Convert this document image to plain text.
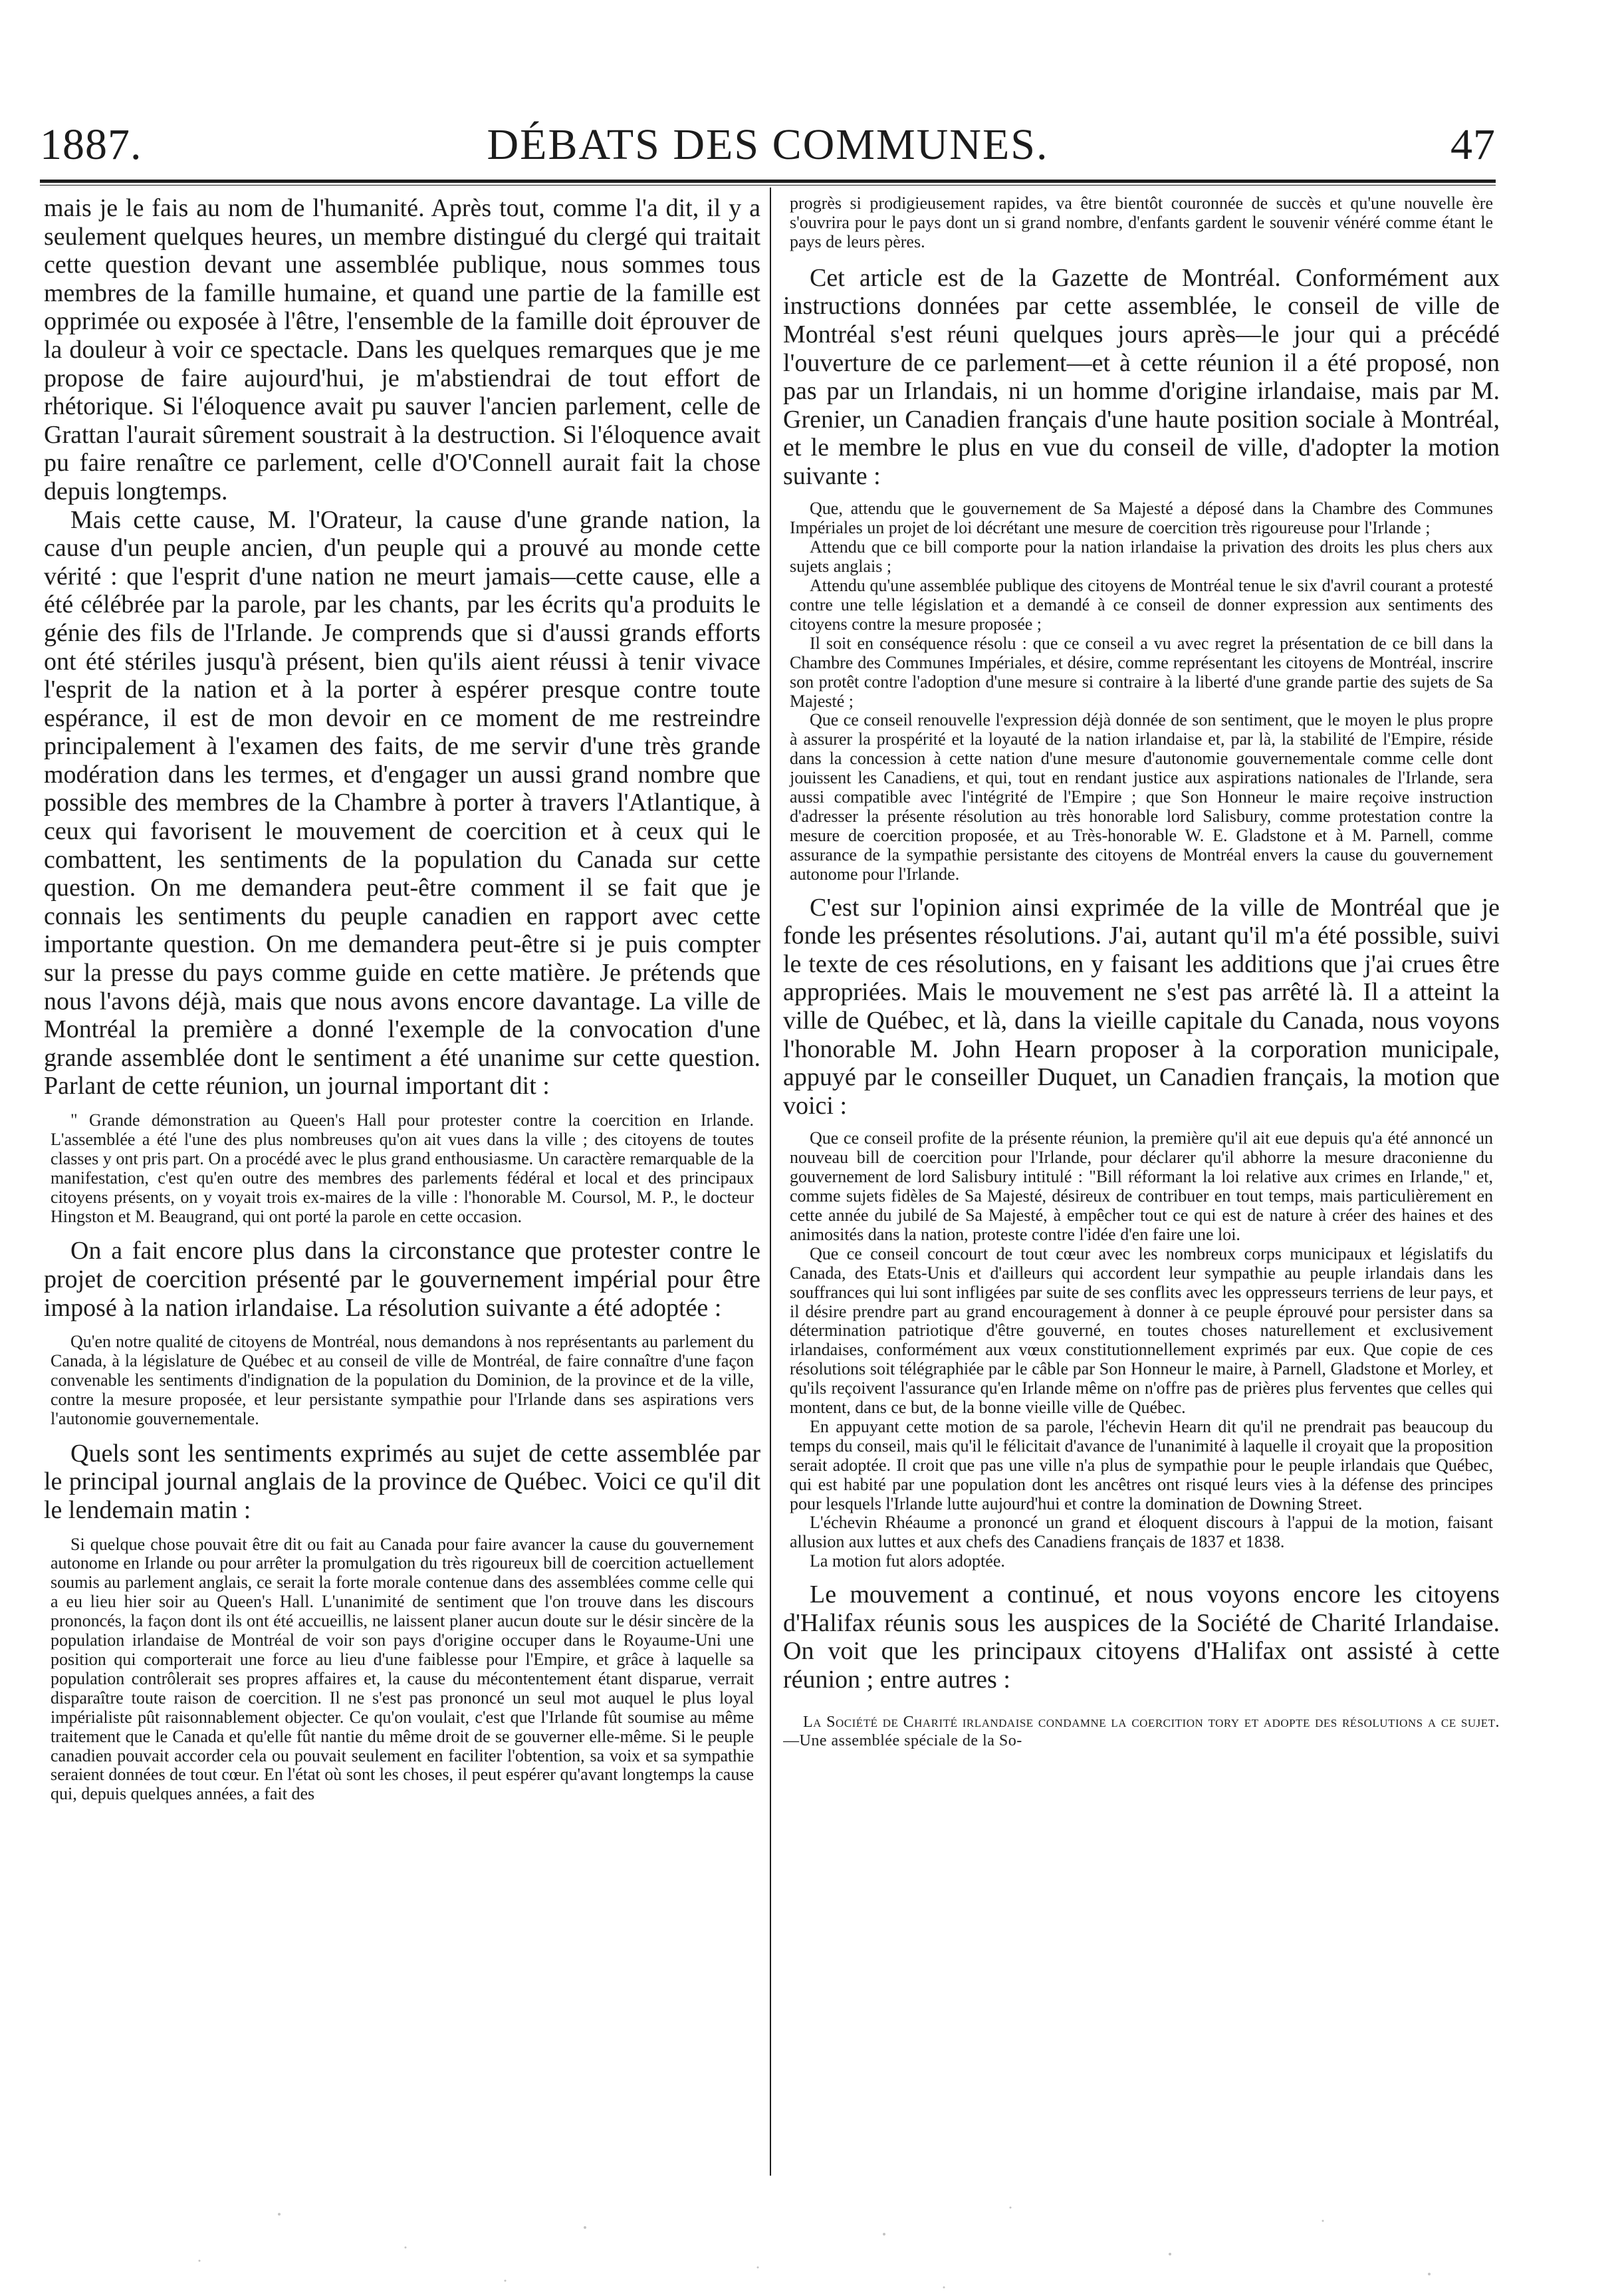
1887.	DÉBATS DES COMMUNES.	47

mais je le fais au nom de l'humanité. Après tout, comme l'a dit, il y a seulement quelques heures, un membre distingué du clergé qui traitait cette question devant une assemblée publique, nous sommes tous membres de la famille humaine, et quand une partie de la famille est opprimée ou exposée à l'être, l'ensemble de la famille doit éprouver de la douleur à voir ce spectacle. Dans les quelques remarques que je me propose de faire aujourd'hui, je m'abstiendrai de tout effort de rhétorique. Si l'éloquence avait pu sauver l'ancien parlement, celle de Grattan l'aurait sûrement soustrait à la destruction. Si l'éloquence avait pu faire renaître ce parlement, celle d'O'Connell aurait fait la chose depuis longtemps.

Mais cette cause, M. l'Orateur, la cause d'une grande nation, la cause d'un peuple ancien, d'un peuple qui a prouvé au monde cette vérité : que l'esprit d'une nation ne meurt jamais—cette cause, elle a été célébrée par la parole, par les chants, par les écrits qu'a produits le génie des fils de l'Irlande. Je comprends que si d'aussi grands efforts ont été stériles jusqu'à présent, bien qu'ils aient réussi à tenir vivace l'esprit de la nation et à la porter à espérer presque contre toute espérance, il est de mon devoir en ce moment de me restreindre principalement à l'examen des faits, de me servir d'une très grande modération dans les termes, et d'engager un aussi grand nombre que possible des membres de la Chambre à porter à travers l'Atlantique, à ceux qui favorisent le mouvement de coercition et à ceux qui le combattent, les sentiments de la population du Canada sur cette question. On me demandera peut-être comment il se fait que je connais les sentiments du peuple canadien en rapport avec cette importante question. On me demandera peut-être si je puis compter sur la presse du pays comme guide en cette matière. Je prétends que nous l'avons déjà, mais que nous avons encore davantage. La ville de Montréal la première a donné l'exemple de la convocation d'une grande assemblée dont le sentiment a été unanime sur cette question. Parlant de cette réunion, un journal important dit :

" Grande démonstration au Queen's Hall pour protester contre la coercition en Irlande. L'assemblée a été l'une des plus nombreuses qu'on ait vues dans la ville ; des citoyens de toutes classes y ont pris part. On a procédé avec le plus grand enthousiasme. Un caractère remarquable de la manifestation, c'est qu'en outre des membres des parlements fédéral et local et des principaux citoyens présents, on y voyait trois ex-maires de la ville : l'honorable M. Coursol, M. P., le docteur Hingston et M. Beaugrand, qui ont porté la parole en cette occasion.

On a fait encore plus dans la circonstance que protester contre le projet de coercition présenté par le gouvernement impérial pour être imposé à la nation irlandaise. La résolution suivante a été adoptée :

Qu'en notre qualité de citoyens de Montréal, nous demandons à nos représentants au parlement du Canada, à la législature de Québec et au conseil de ville de Montréal, de faire connaître d'une façon convenable les sentiments d'indignation de la population du Dominion, de la province et de la ville, contre la mesure proposée, et leur persistante sympathie pour l'Irlande dans ses aspirations vers l'autonomie gouvernementale.

Quels sont les sentiments exprimés au sujet de cette assemblée par le principal journal anglais de la province de Québec. Voici ce qu'il dit le lendemain matin :

Si quelque chose pouvait être dit ou fait au Canada pour faire avancer la cause du gouvernement autonome en Irlande ou pour arrêter la promulgation du très rigoureux bill de coercition actuellement soumis au parlement anglais, ce serait la forte morale contenue dans des assemblées comme celle qui a eu lieu hier soir au Queen's Hall. L'unanimité de sentiment que l'on trouve dans les discours prononcés, la façon dont ils ont été accueillis, ne laissent planer aucun doute sur le désir sincère de la population irlandaise de Montréal de voir son pays d'origine occuper dans le Royaume-Uni une position qui comporterait une force au lieu d'une faiblesse pour l'Empire, et grâce à laquelle sa population contrôlerait ses propres affaires et, la cause du mécontentement étant disparue, verrait disparaître toute raison de coercition. Il ne s'est pas prononcé un seul mot auquel le plus loyal impérialiste pût raisonnablement objecter. Ce qu'on voulait, c'est que l'Irlande fût soumise au même traitement que le Canada et qu'elle fût nantie du même droit de se gouverner elle-même. Si le peuple canadien pouvait accorder cela ou pouvait seulement en faciliter l'obtention, sa voix et sa sympathie seraient données de tout cœur. En l'état où sont les choses, il peut espérer qu'avant longtemps la cause qui, depuis quelques années, a fait des

progrès si prodigieusement rapides, va être bientôt couronnée de succès et qu'une nouvelle ère s'ouvrira pour le pays dont un si grand nombre, d'enfants gardent le souvenir vénéré comme étant le pays de leurs pères.

Cet article est de la Gazette de Montréal. Conformément aux instructions données par cette assemblée, le conseil de ville de Montréal s'est réuni quelques jours après—le jour qui a précédé l'ouverture de ce parlement—et à cette réunion il a été proposé, non pas par un Irlandais, ni un homme d'origine irlandaise, mais par M. Grenier, un Canadien français d'une haute position sociale à Montréal, et le membre le plus en vue du conseil de ville, d'adopter la motion suivante :

Que, attendu que le gouvernement de Sa Majesté a déposé dans la Chambre des Communes Impériales un projet de loi décrétant une mesure de coercition très rigoureuse pour l'Irlande ;

Attendu que ce bill comporte pour la nation irlandaise la privation des droits les plus chers aux sujets anglais ;

Attendu qu'une assemblée publique des citoyens de Montréal tenue le six d'avril courant a protesté contre une telle législation et a demandé à ce conseil de donner expression aux sentiments des citoyens contre la mesure proposée ;

Il soit en conséquence résolu : que ce conseil a vu avec regret la présentation de ce bill dans la Chambre des Communes Impériales, et désire, comme représentant les citoyens de Montréal, inscrire son protêt contre l'adoption d'une mesure si contraire à la liberté d'une grande partie des sujets de Sa Majesté ;

Que ce conseil renouvelle l'expression déjà donnée de son sentiment, que le moyen le plus propre à assurer la prospérité et la loyauté de la nation irlandaise et, par là, la stabilité de l'Empire, réside dans la concession à cette nation d'une mesure d'autonomie gouvernementale comme celle dont jouissent les Canadiens, et qui, tout en rendant justice aux aspirations nationales de l'Irlande, sera aussi compatible avec l'intégrité de l'Empire ; que Son Honneur le maire reçoive instruction d'adresser la présente résolution au très honorable lord Salisbury, comme protestation contre la mesure de coercition proposée, et au Très-honorable W. E. Gladstone et à M. Parnell, comme assurance de la sympathie persistante des citoyens de Montréal envers la cause du gouvernement autonome pour l'Irlande.

C'est sur l'opinion ainsi exprimée de la ville de Montréal que je fonde les présentes résolutions. J'ai, autant qu'il m'a été possible, suivi le texte de ces résolutions, en y faisant les additions que j'ai crues être appropriées. Mais le mouvement ne s'est pas arrêté là. Il a atteint la ville de Québec, et là, dans la vieille capitale du Canada, nous voyons l'honorable M. John Hearn proposer à la corporation municipale, appuyé par le conseiller Duquet, un Canadien français, la motion que voici :

Que ce conseil profite de la présente réunion, la première qu'il ait eue depuis qu'a été annoncé un nouveau bill de coercition pour l'Irlande, pour déclarer qu'il abhorre la mesure draconienne du gouvernement de lord Salisbury intitulé : "Bill réformant la loi relative aux crimes en Irlande," et, comme sujets fidèles de Sa Majesté, désireux de contribuer en tout temps, mais particulièrement en cette année du jubilé de Sa Majesté, à empêcher tout ce qui est de nature à créer des haines et des animosités dans la nation, proteste contre l'idée d'en faire une loi.

Que ce conseil concourt de tout cœur avec les nombreux corps municipaux et législatifs du Canada, des Etats-Unis et d'ailleurs qui accordent leur sympathie au peuple irlandais dans les souffrances qui lui sont infligées par suite de ses conflits avec les oppresseurs terriens de leur pays, et il désire prendre part au grand encouragement à donner à ce peuple éprouvé pour persister dans sa détermination patriotique d'être gouverné, en toutes choses naturellement et exclusivement irlandaises, conformément aux vœux constitutionnellement exprimés par eux. Que copie de ces résolutions soit télégraphiée par le câble par Son Honneur le maire, à Parnell, Gladstone et Morley, et qu'ils reçoivent l'assurance qu'en Irlande même on n'offre pas de prières plus ferventes que celles qui montent, dans ce but, de la bonne vieille ville de Québec.

En appuyant cette motion de sa parole, l'échevin Hearn dit qu'il ne prendrait pas beaucoup du temps du conseil, mais qu'il le félicitait d'avance de l'unanimité à laquelle il croyait que la proposition serait adoptée. Il croit que pas une ville n'a plus de sympathie pour le peuple irlandais que Québec, qui est habité par une population dont les ancêtres ont risqué leurs vies à la défense des principes pour lesquels l'Irlande lutte aujourd'hui et contre la domination de Downing Street.

L'échevin Rhéaume a prononcé un grand et éloquent discours à l'appui de la motion, faisant allusion aux luttes et aux chefs des Canadiens français de 1837 et 1838.

La motion fut alors adoptée.

Le mouvement a continué, et nous voyons encore les citoyens d'Halifax réunis sous les auspices de la Société de Charité Irlandaise. On voit que les principaux citoyens d'Halifax ont assisté à cette réunion ; entre autres :

La Société de Charité irlandaise condamne la coercition tory et adopte des résolutions a ce sujet.—Une assemblée spéciale de la So-
